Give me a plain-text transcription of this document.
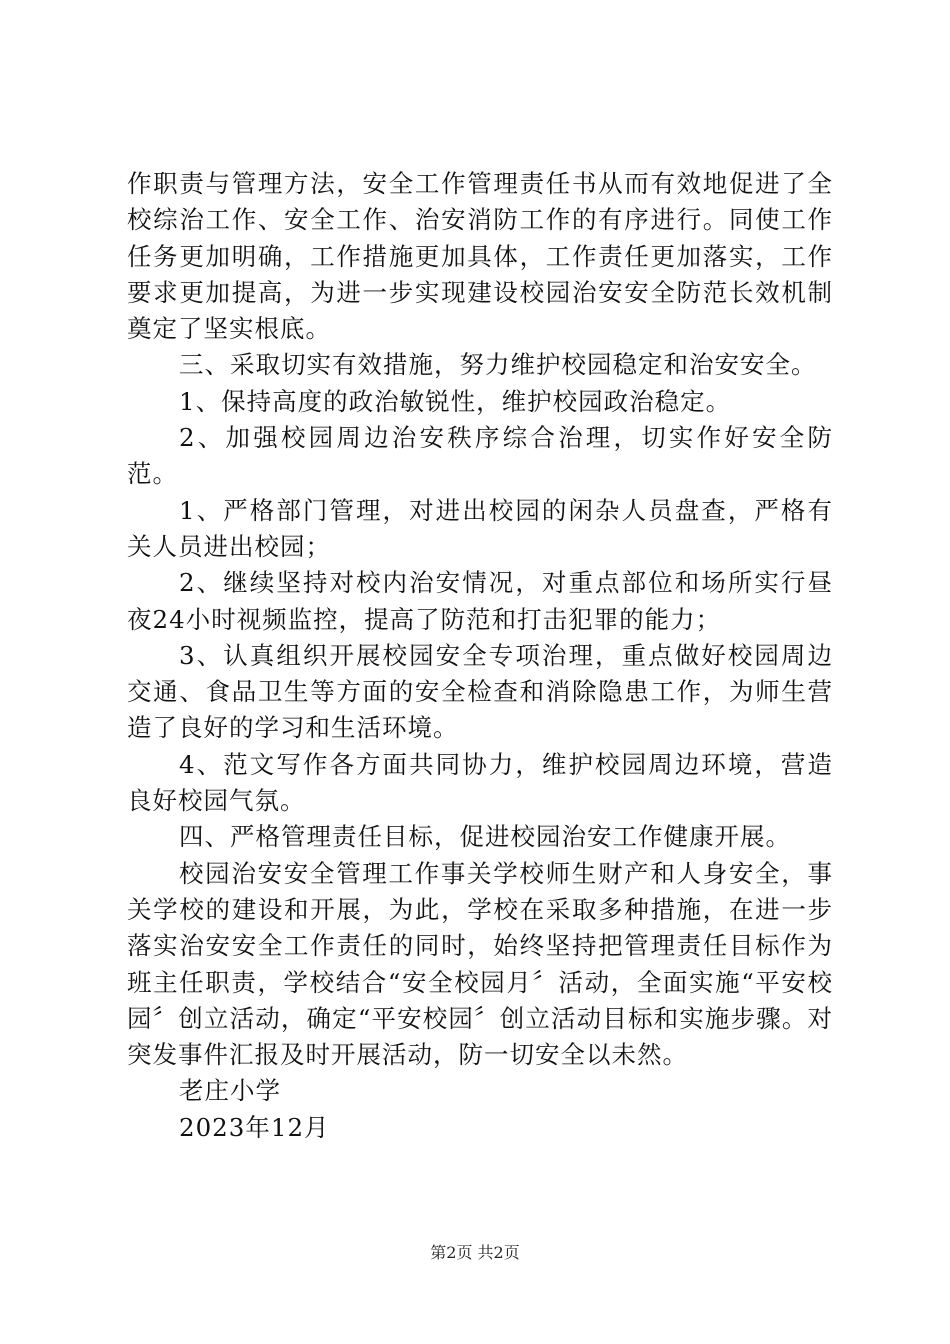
作职责与管理方法，安全工作管理责任书从而有效地促进了全校综治工作、安全工作、治安消防工作的有序进行。同使工作任务更加明确，工作措施更加具体，工作责任更加落实，工作要求更加提高，为进一步实现建设校园治安安全防范长效机制奠定了坚实根底。

三、采取切实有效措施，努力维护校园稳定和治安安全。

1、保持高度的政治敏锐性，维护校园政治稳定。

2、加强校园周边治安秩序综合治理，切实作好安全防范。

1、严格部门管理，对进出校园的闲杂人员盘查，严格有关人员进出校园；

2、继续坚持对校内治安情况，对重点部位和场所实行昼夜24小时视频监控，提高了防范和打击犯罪的能力；

3、认真组织开展校园安全专项治理，重点做好校园周边交通、食品卫生等方面的安全检查和消除隐患工作，为师生营造了良好的学习和生活环境。

4、范文写作各方面共同协力，维护校园周边环境，营造良好校园气氛。

四、严格管理责任目标，促进校园治安工作健康开展。

校园治安安全管理工作事关学校师生财产和人身安全，事关学校的建设和开展，为此，学校在采取多种措施，在进一步落实治安安全工作责任的同时，始终坚持把管理责任目标作为班主任职责，学校结合“安全校园月〞活动，全面实施“平安校园〞创立活动，确定“平安校园〞创立活动目标和实施步骤。对突发事件汇报及时开展活动，防一切安全以未然。

老庄小学

2023年12月

第2页 共2页
